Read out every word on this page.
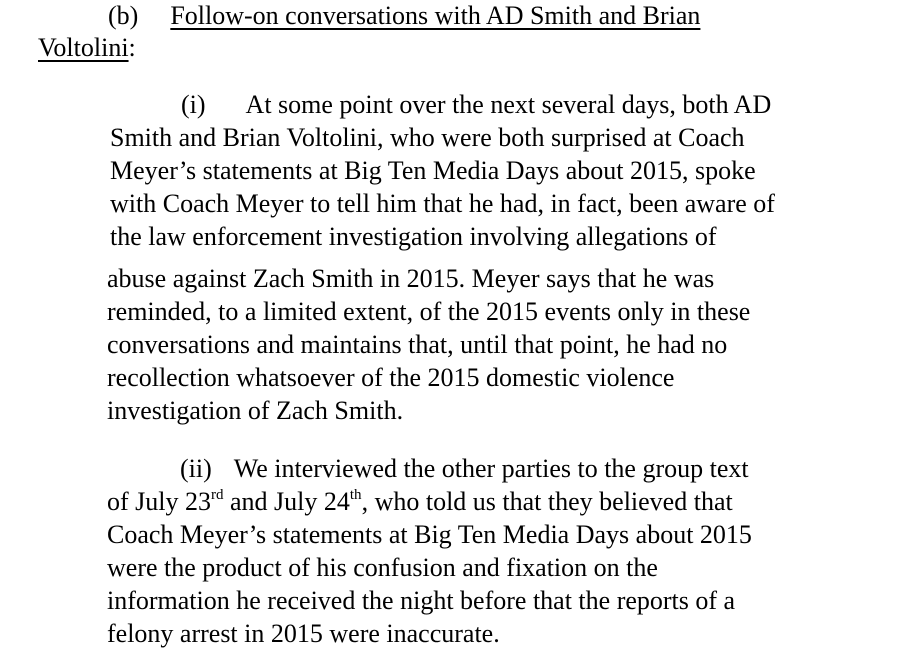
(b) Follow-on conversations with AD Smith and Brian
Voltolini:
(i) At some point over the next several days, both AD
Smith and Brian Voltolini, who were both surprised at Coach
Meyer’s statements at Big Ten Media Days about 2015, spoke
with Coach Meyer to tell him that he had, in fact, been aware of
the law enforcement investigation involving allegations of
abuse against Zach Smith in 2015. Meyer says that he was
reminded, to a limited extent, of the 2015 events only in these
conversations and maintains that, until that point, he had no
recollection whatsoever of the 2015 domestic violence
investigation of Zach Smith.
(ii) We interviewed the other parties to the group text
of July 23rd and July 24th, who told us that they believed that
Coach Meyer’s statements at Big Ten Media Days about 2015
were the product of his confusion and fixation on the
information he received the night before that the reports of a
felony arrest in 2015 were inaccurate.
